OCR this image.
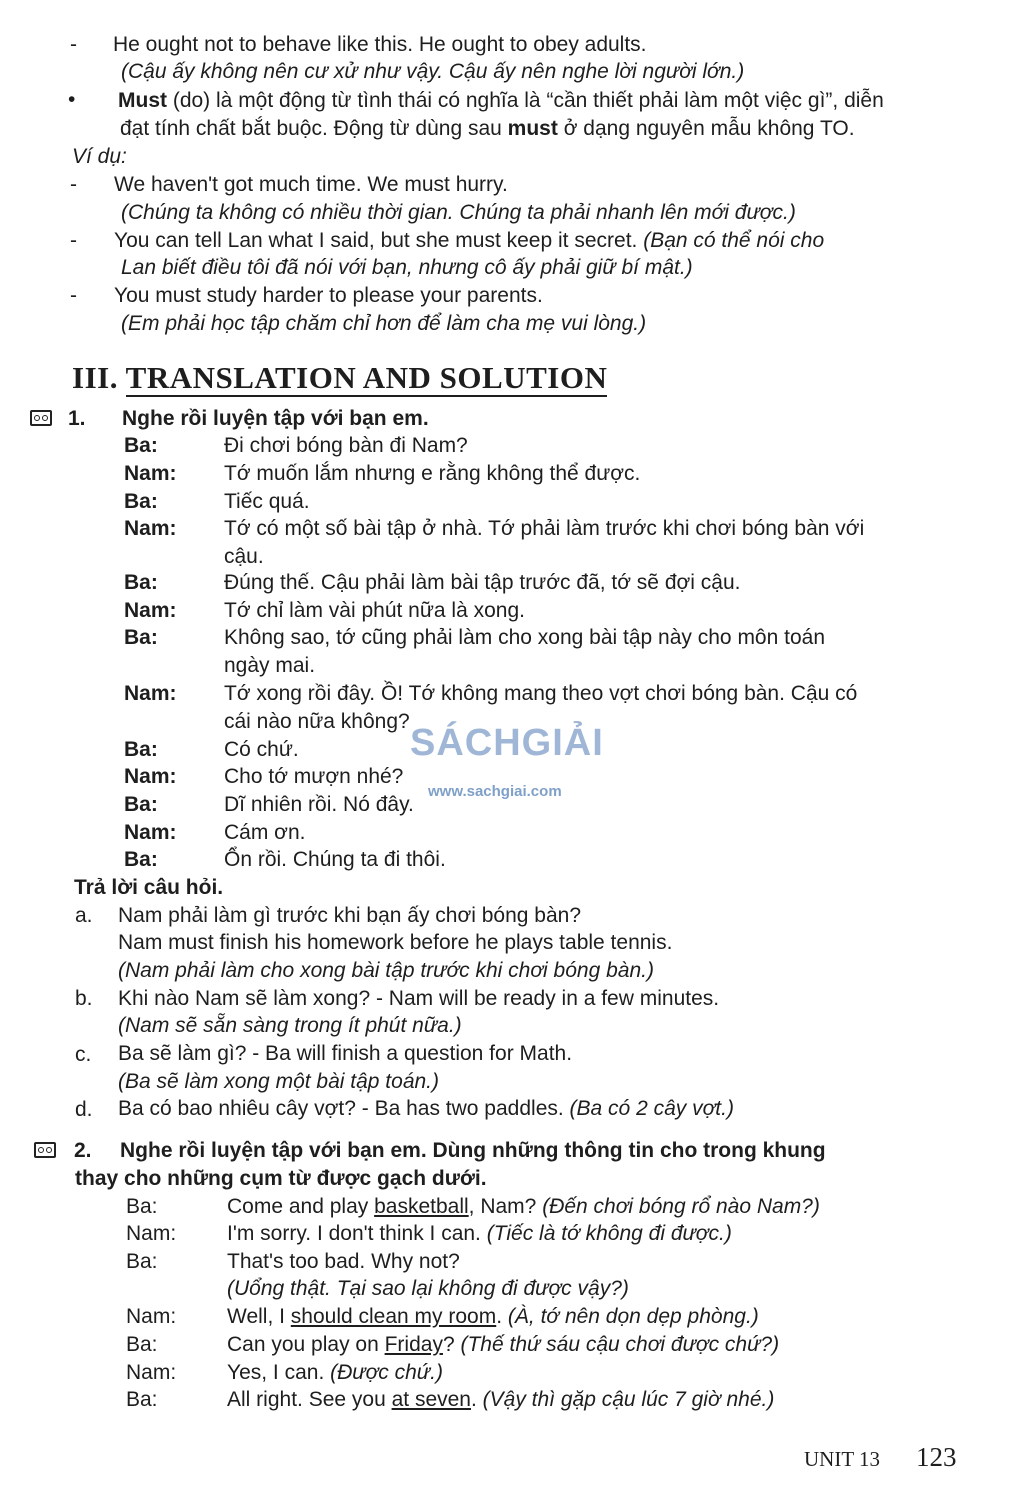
- He ought not to behave like this. He ought to obey adults.
(Cậu ấy không nên cư xử như vậy. Cậu ấy nên nghe lời người lớn.)
• Must (do) là một động từ tình thái có nghĩa là “cần thiết phải làm một việc gì”, diễn
đạt tính chất bắt buộc. Động từ dùng sau must ở dạng nguyên mẫu không TO.
Ví dụ:
- We haven't got much time. We must hurry.
(Chúng ta không có nhiều thời gian. Chúng ta phải nhanh lên mới được.)
- You can tell Lan what I said, but she must keep it secret. (Bạn có thể nói cho
Lan biết điều tôi đã nói với bạn, nhưng cô ấy phải giữ bí mật.)
- You must study harder to please your parents.
(Em phải học tập chăm chỉ hơn để làm cha mẹ vui lòng.)
III. TRANSLATION AND SOLUTION
1. Nghe rồi luyện tập với bạn em.
Ba:	Đi chơi bóng bàn đi Nam?
Nam: Tớ muốn lắm nhưng e rằng không thể được.
Ba:	Tiếc quá.
Nam: Tớ có một số bài tập ở nhà. Tớ phải làm trước khi chơi bóng bàn với
cậu.
Ba:	Đúng thế. Cậu phải làm bài tập trước đã, tớ sẽ đợi cậu.
Nam: Tớ chỉ làm vài phút nữa là xong.
Ba:	Không sao, tớ cũng phải làm cho xong bài tập này cho môn toán
ngày mai.
Nam: Tớ xong rồi đây. Ồ! Tớ không mang theo vợt chơi bóng bàn. Cậu có
cái nào nữa không?
Ba:	Có chứ.
Nam: Cho tớ mượn nhé?
Ba:	Dĩ nhiên rồi. Nó đây.
Nam: Cám ơn.
Ba:	Ổn rồi. Chúng ta đi thôi.
Trả lời câu hỏi.
a. Nam phải làm gì trước khi bạn ấy chơi bóng bàn?
Nam must finish his homework before he plays table tennis.
(Nam phải làm cho xong bài tập trước khi chơi bóng bàn.)
b. Khi nào Nam sẽ làm xong? - Nam will be ready in a few minutes.
(Nam sẽ sẵn sàng trong ít phút nữa.)
c. Ba sẽ làm gì? - Ba will finish a question for Math.
(Ba sẽ làm xong một bài tập toán.)
d. Ba có bao nhiêu cây vợt? - Ba has two paddles. (Ba có 2 cây vợt.)
2. Nghe rồi luyện tập với bạn em. Dùng những thông tin cho trong khung
thay cho những cụm từ được gạch dưới.
Ba:	Come and play basketball, Nam? (Đến chơi bóng rổ nào Nam?)
Nam: I'm sorry. I don't think I can. (Tiếc là tớ không đi được.)
Ba:	That's too bad. Why not?
(Uổng thật. Tại sao lại không đi được vậy?)
Nam: Well, I should clean my room. (À, tớ nên dọn dẹp phòng.)
Ba:	Can you play on Friday? (Thế thứ sáu cậu chơi được chứ?)
Nam: Yes, I can. (Được chứ.)
Ba:	All right. See you at seven. (Vậy thì gặp cậu lúc 7 giờ nhé.)
SÁCHGIẢI
www.sachgiai.com
UNIT 13 123
